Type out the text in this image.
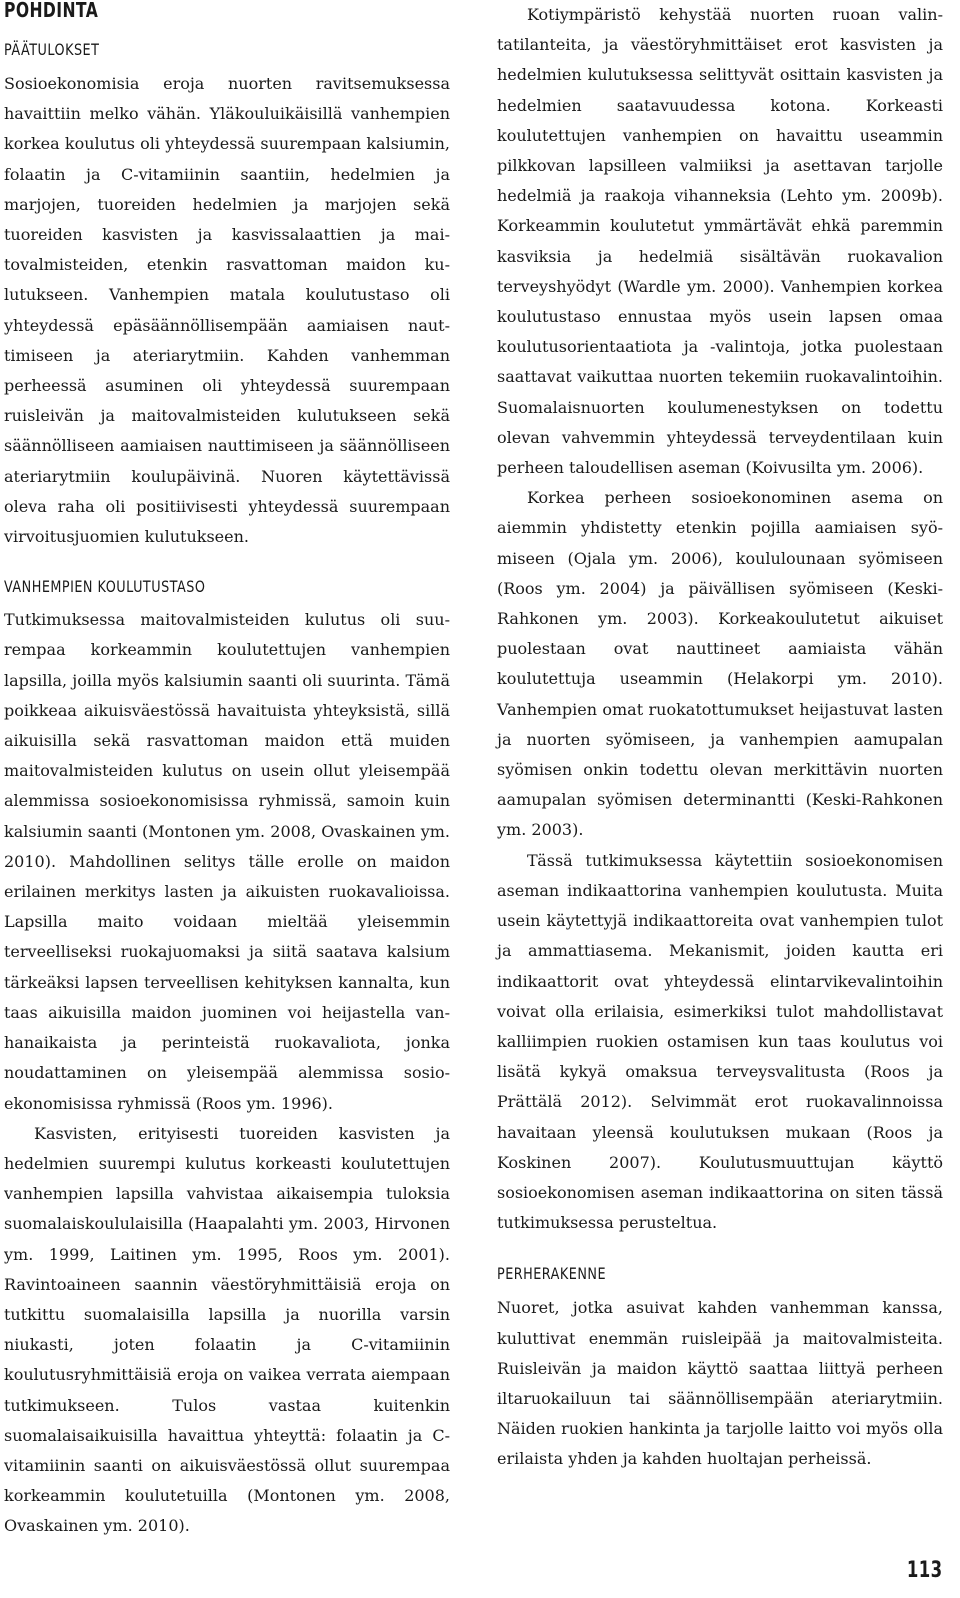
POHDINTA
PÄÄTULOKSET

Sosioekonomisia eroja nuorten ravitsemuksessa havaittiin melko vähän. Yläkouluikäisillä vanhempien korkea koulutus oli yhteydessä suurempaan kalsiumin, folaatin ja C-vitamiinin saantiin, hedelmien ja marjojen, tuoreiden hedelmien ja marjojen sekä tuoreiden kasvisten ja kasvissalaattien ja maitovalmisteiden, etenkin rasvattoman maidon kulutukseen. Vanhempien matala koulutustaso oli yhteydessä epäsäännöllisempään aamiaisen nauttimiseen ja ateriarytmiin. Kahden vanhemman perheessä asuminen oli yhteydessä suurempaan ruisleivän ja maitovalmisteiden kulutukseen sekä säännölliseen aamiaisen nauttimiseen ja säännölliseen ateriarytmiin koulupäivinä. Nuoren käytettävissä oleva raha oli positiivisesti yhteydessä suurempaan virvoitusjuomien kulutukseen.

VANHEMPIEN KOULUTUSTASO

Tutkimuksessa maitovalmisteiden kulutus oli suurempaa korkeammin koulutettujen vanhempien lapsilla, joilla myös kalsiumin saanti oli suurinta. Tämä poikkeaa aikuisväestössä havaituista yhteyksistä, sillä aikuisilla sekä rasvattoman maidon että muiden maitovalmisteiden kulutus on usein ollut yleisempää alemmissa sosioekonomisissa ryhmissä, samoin kuin kalsiumin saanti (Montonen ym. 2008, Ovaskainen ym. 2010). Mahdollinen selitys tälle erolle on maidon erilainen merkitys lasten ja aikuisten ruokavalioissa. Lapsilla maito voidaan mieltää yleisemmin terveelliseksi ruokajuomaksi ja siitä saatava kalsium tärkeäksi lapsen terveellisen kehityksen kannalta, kun taas aikuisilla maidon juominen voi heijastella vanhanaikaista ja perinteistä ruokavaliota, jonka noudattaminen on yleisempää alemmissa sosioekonomisissa ryhmissä (Roos ym. 1996).

Kasvisten, erityisesti tuoreiden kasvisten ja hedelmien suurempi kulutus korkeasti koulutettujen vanhempien lapsilla vahvistaa aikaisempia tuloksia suomalaiskoululaisilla (Haapalahti ym. 2003, Hirvonen ym. 1999, Laitinen ym. 1995, Roos ym. 2001). Ravintoaineen saannin väestöryhmittäisiä eroja on tutkittu suomalaisilla lapsilla ja nuorilla varsin niukasti, joten folaatin ja C-vitamiinin koulutusryhmittäisiä eroja on vaikea verrata aiempaan tutkimukseen. Tulos vastaa kuitenkin suomalaisaikuisilla havaittua yhteyttä: folaatin ja C-vitamiinin saanti on aikuisväestössä ollut suurempaa korkeammin koulutetuilla (Montonen ym. 2008, Ovaskainen ym. 2010).

Kotiympäristö kehystää nuorten ruoan valintatilanteita, ja väestöryhmittäiset erot kasvisten ja hedelmien kulutuksessa selittyvät osittain kasvisten ja hedelmien saatavuudessa kotona. Korkeasti koulutettujen vanhempien on havaittu useammin pilkkovan lapsilleen valmiiksi ja asettavan tarjolle hedelmiä ja raakoja vihanneksia (Lehto ym. 2009b). Korkeammin koulutetut ymmärtävät ehkä paremmin kasviksia ja hedelmiä sisältävän ruokavalion terveyshyödyt (Wardle ym. 2000). Vanhempien korkea koulutustaso ennustaa myös usein lapsen omaa koulutusorientaatiota ja -valintoja, jotka puolestaan saattavat vaikuttaa nuorten tekemiin ruokavalintoihin. Suomalaisnuorten koulumenestyksen on todettu olevan vahvemmin yhteydessä terveydentilaan kuin perheen taloudellisen aseman (Koivusilta ym. 2006).

Korkea perheen sosioekonominen asema on aiemmin yhdistetty etenkin pojilla aamiaisen syömiseen (Ojala ym. 2006), koululounaan syömiseen (Roos ym. 2004) ja päivällisen syömiseen (Keski-Rahkonen ym. 2003). Korkeakoulutetut aikuiset puolestaan ovat nauttineet aamiaista vähän koulutettuja useammin (Helakorpi ym. 2010). Vanhempien omat ruokatottumukset heijastuvat lasten ja nuorten syömiseen, ja vanhempien aamupalan syömisen onkin todettu olevan merkittävin nuorten aamupalan syömisen determinantti (Keski-Rahkonen ym. 2003).

Tässä tutkimuksessa käytettiin sosioekonomisen aseman indikaattorina vanhempien koulutusta. Muita usein käytettyjä indikaattoreita ovat vanhempien tulot ja ammattiasema. Mekanismit, joiden kautta eri indikaattorit ovat yhteydessä elintarvikevalintoihin voivat olla erilaisia, esimerkiksi tulot mahdollistavat kalliimpien ruokien ostamisen kun taas koulutus voi lisätä kykyä omaksua terveysvalitusta (Roos ja Prättälä 2012). Selvimmät erot ruokavalinnoissa havaitaan yleensä koulutuksen mukaan (Roos ja Koskinen 2007). Koulutusmuuttujan käyttö sosioekonomisen aseman indikaattorina on siten tässä tutkimuksessa perusteltua.

PERHERAKENNE

Nuoret, jotka asuivat kahden vanhemman kanssa, kuluttivat enemmän ruisleipää ja maitovalmisteita. Ruisleivän ja maidon käyttö saattaa liittyä perheen iltaruokailuun tai säännöllisempään ateriarytmiin. Näiden ruokien hankinta ja tarjolle laitto voi myös olla erilaista yhden ja kahden huoltajan perheissä.

113
